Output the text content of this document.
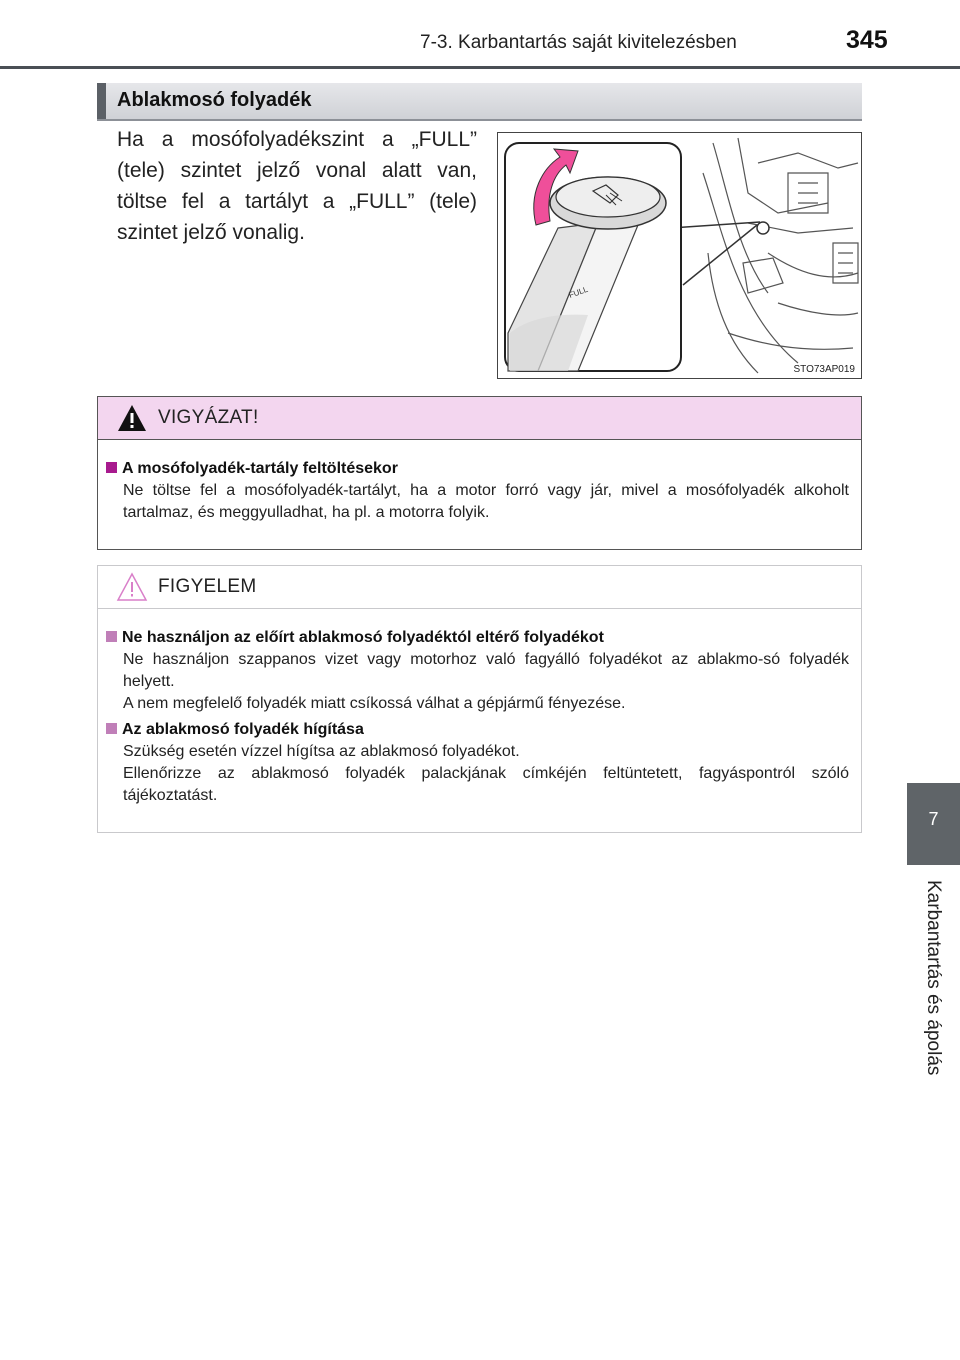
7-3. Karbantartás saját kivitelezésben	345
Ablakmosó folyadék
Ha a mosófolyadékszint a „FULL” (tele) szintet jelző vonal alatt van, töltse fel a tartályt a „FULL” (tele) szintet jelző vonalig.
FULL
STO73AP019
VIGYÁZAT!
A mosófolyadék-tartály feltöltésekor
Ne töltse fel a mosófolyadék-tartályt, ha a motor forró vagy jár, mivel a mosófolyadék alkoholt tartalmaz, és meggyulladhat, ha pl. a motorra folyik.
FIGYELEM
Ne használjon az előírt ablakmosó folyadéktól eltérő folyadékot
Ne használjon szappanos vizet vagy motorhoz való fagyálló folyadékot az ablakmo-só folyadék helyett.
A nem megfelelő folyadék miatt csíkossá válhat a gépjármű fényezése.
Az ablakmosó folyadék hígítása
Szükség esetén vízzel hígítsa az ablakmosó folyadékot.
Ellenőrizze az ablakmosó folyadék palackjának címkéjén feltüntetett, fagyáspontról szóló tájékoztatást.
7
Karbantartás és ápolás
